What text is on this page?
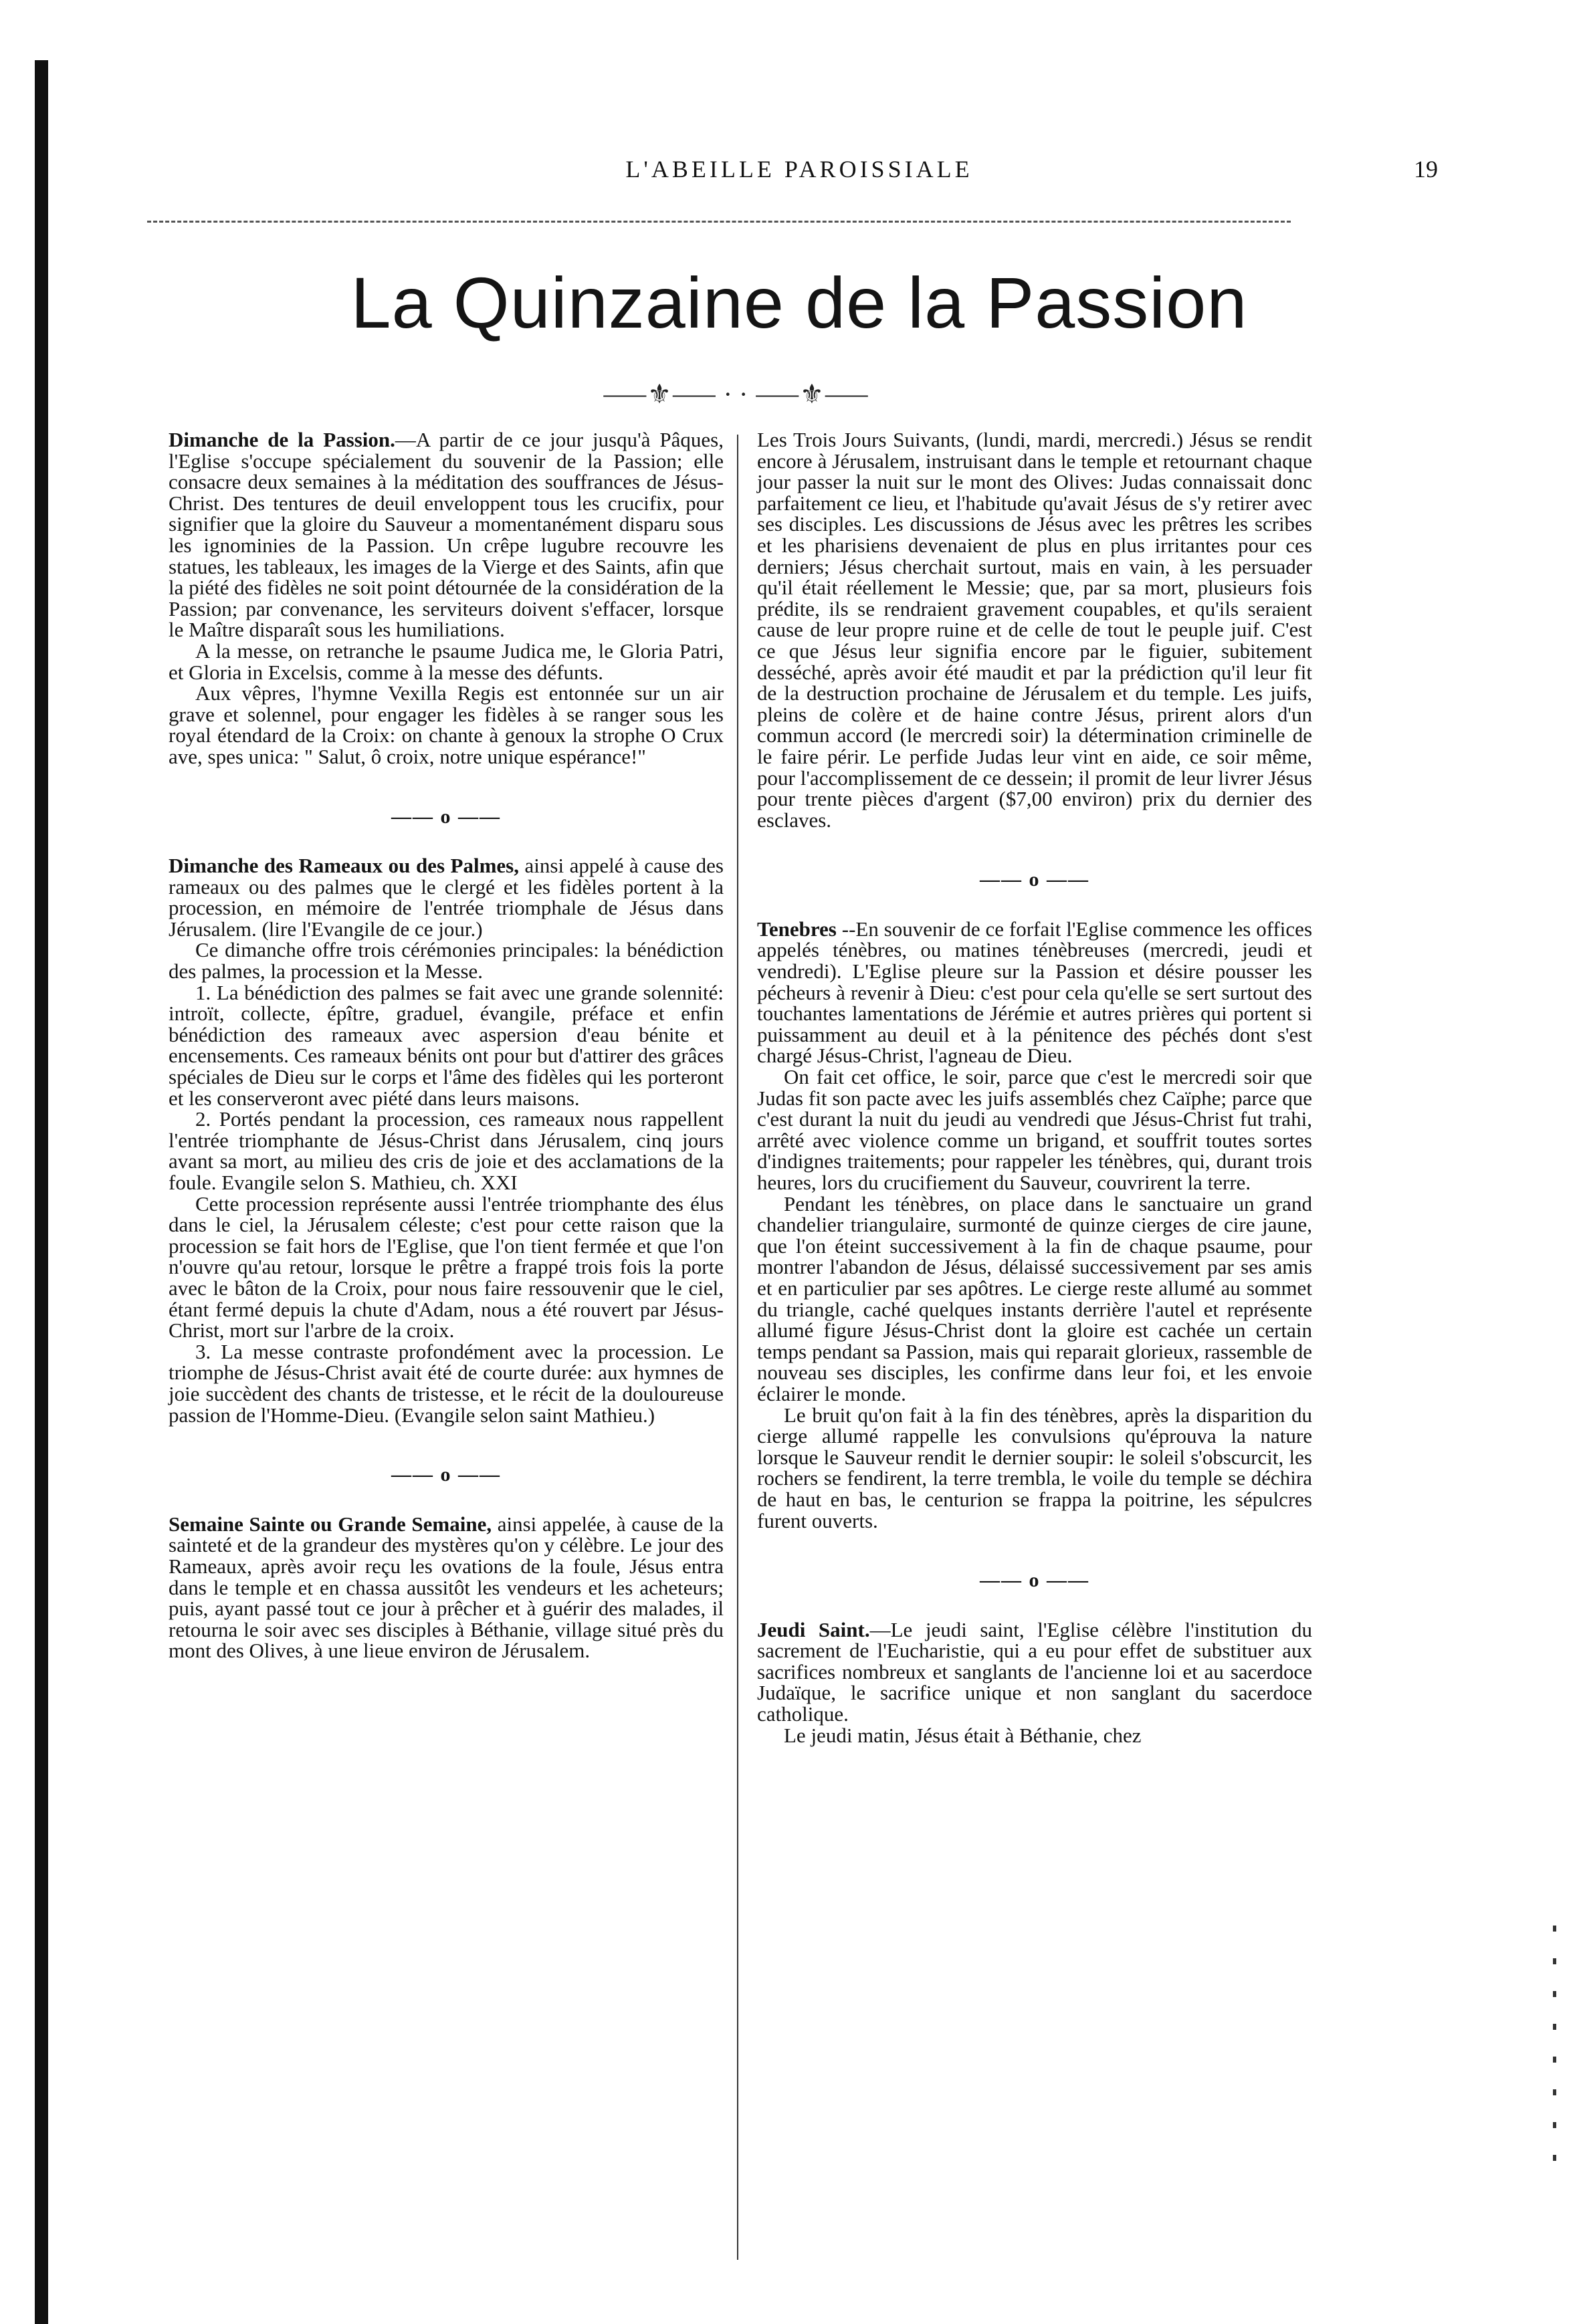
L'ABEILLE PAROISSIALE	19
La Quinzaine de la Passion
⸺⚜⸺ · · ⸺⚜⸺

Dimanche de la Passion.—A partir de ce jour jusqu'à Pâques, l'Eglise s'occupe spécialement du souvenir de la Passion; elle consacre deux semaines à la méditation des souffrances de Jésus-Christ. Des tentures de deuil enveloppent tous les crucifix, pour signifier que la gloire du Sauveur a momentanément disparu sous les ignominies de la Passion. Un crêpe lugubre recouvre les statues, les tableaux, les images de la Vierge et des Saints, afin que la piété des fidèles ne soit point détournée de la considération de la Passion; par convenance, les serviteurs doivent s'effacer, lorsque le Maître disparaît sous les humiliations.

A la messe, on retranche le psaume Judica me, le Gloria Patri, et Gloria in Excelsis, comme à la messe des défunts.

Aux vêpres, l'hymne Vexilla Regis est entonnée sur un air grave et solennel, pour engager les fidèles à se ranger sous les royal étendard de la Croix: on chante à genoux la strophe O Crux ave, spes unica: " Salut, ô croix, notre unique espérance!"

—— o ——

Dimanche des Rameaux ou des Palmes, ainsi appelé à cause des rameaux ou des palmes que le clergé et les fidèles portent à la procession, en mémoire de l'entrée triomphale de Jésus dans Jérusalem. (lire l'Evangile de ce jour.)

Ce dimanche offre trois cérémonies principales: la bénédiction des palmes, la procession et la Messe.

1. La bénédiction des palmes se fait avec une grande solennité: introït, collecte, épître, graduel, évangile, préface et enfin bénédiction des rameaux avec aspersion d'eau bénite et encensements. Ces rameaux bénits ont pour but d'attirer des grâces spéciales de Dieu sur le corps et l'âme des fidèles qui les porteront et les conserveront avec piété dans leurs maisons.

2. Portés pendant la procession, ces rameaux nous rappellent l'entrée triomphante de Jésus-Christ dans Jérusalem, cinq jours avant sa mort, au milieu des cris de joie et des acclamations de la foule. Evangile selon S. Mathieu, ch. XXI

Cette procession représente aussi l'entrée triomphante des élus dans le ciel, la Jérusalem céleste; c'est pour cette raison que la procession se fait hors de l'Eglise, que l'on tient fermée et que l'on n'ouvre qu'au retour, lorsque le prêtre a frappé trois fois la porte avec le bâton de la Croix, pour nous faire ressouvenir que le ciel, étant fermé depuis la chute d'Adam, nous a été rouvert par Jésus-Christ, mort sur l'arbre de la croix.

3. La messe contraste profondément avec la procession. Le triomphe de Jésus-Christ avait été de courte durée: aux hymnes de joie succèdent des chants de tristesse, et le récit de la douloureuse passion de l'Homme-Dieu. (Evangile selon saint Mathieu.)

—— o ——

Semaine Sainte ou Grande Semaine, ainsi appelée, à cause de la sainteté et de la grandeur des mystères qu'on y célèbre. Le jour des Rameaux, après avoir reçu les ovations de la foule, Jésus entra dans le temple et en chassa aussitôt les vendeurs et les acheteurs; puis, ayant passé tout ce jour à prêcher et à guérir des malades, il retourna le soir avec ses disciples à Béthanie, village situé près du mont des Olives, à une lieue environ de Jérusalem.

Les Trois Jours Suivants, (lundi, mardi, mercredi.) Jésus se rendit encore à Jérusalem, instruisant dans le temple et retournant chaque jour passer la nuit sur le mont des Olives: Judas connaissait donc parfaitement ce lieu, et l'habitude qu'avait Jésus de s'y retirer avec ses disciples. Les discussions de Jésus avec les prêtres les scribes et les pharisiens devenaient de plus en plus irritantes pour ces derniers; Jésus cherchait surtout, mais en vain, à les persuader qu'il était réellement le Messie; que, par sa mort, plusieurs fois prédite, ils se rendraient gravement coupables, et qu'ils seraient cause de leur propre ruine et de celle de tout le peuple juif. C'est ce que Jésus leur signifia encore par le figuier, subitement desséché, après avoir été maudit et par la prédiction qu'il leur fit de la destruction prochaine de Jérusalem et du temple. Les juifs, pleins de colère et de haine contre Jésus, prirent alors d'un commun accord (le mercredi soir) la détermination criminelle de le faire périr. Le perfide Judas leur vint en aide, ce soir même, pour l'accomplissement de ce dessein; il promit de leur livrer Jésus pour trente pièces d'argent ($7,00 environ) prix du dernier des esclaves.

—— o ——

Tenebres --En souvenir de ce forfait l'Eglise commence les offices appelés ténèbres, ou matines ténèbreuses (mercredi, jeudi et vendredi). L'Eglise pleure sur la Passion et désire pousser les pécheurs à revenir à Dieu: c'est pour cela qu'elle se sert surtout des touchantes lamentations de Jérémie et autres prières qui portent si puissamment au deuil et à la pénitence des péchés dont s'est chargé Jésus-Christ, l'agneau de Dieu.

On fait cet office, le soir, parce que c'est le mercredi soir que Judas fit son pacte avec les juifs assemblés chez Caïphe; parce que c'est durant la nuit du jeudi au vendredi que Jésus-Christ fut trahi, arrêté avec violence comme un brigand, et souffrit toutes sortes d'indignes traitements; pour rappeler les ténèbres, qui, durant trois heures, lors du crucifiement du Sauveur, couvrirent la terre.

Pendant les ténèbres, on place dans le sanctuaire un grand chandelier triangulaire, surmonté de quinze cierges de cire jaune, que l'on éteint successivement à la fin de chaque psaume, pour montrer l'abandon de Jésus, délaissé successivement par ses amis et en particulier par ses apôtres. Le cierge reste allumé au sommet du triangle, caché quelques instants derrière l'autel et représente allumé figure Jésus-Christ dont la gloire est cachée un certain temps pendant sa Passion, mais qui reparait glorieux, rassemble de nouveau ses disciples, les confirme dans leur foi, et les envoie éclairer le monde.

Le bruit qu'on fait à la fin des ténèbres, après la disparition du cierge allumé rappelle les convulsions qu'éprouva la nature lorsque le Sauveur rendit le dernier soupir: le soleil s'obscurcit, les rochers se fendirent, la terre trembla, le voile du temple se déchira de haut en bas, le centurion se frappa la poitrine, les sépulcres furent ouverts.

—— o ——

Jeudi Saint.—Le jeudi saint, l'Eglise célèbre l'institution du sacrement de l'Eucharistie, qui a eu pour effet de substituer aux sacrifices nombreux et sanglants de l'ancienne loi et au sacerdoce Judaïque, le sacrifice unique et non sanglant du sacerdoce catholique.

Le jeudi matin, Jésus était à Béthanie, chez
